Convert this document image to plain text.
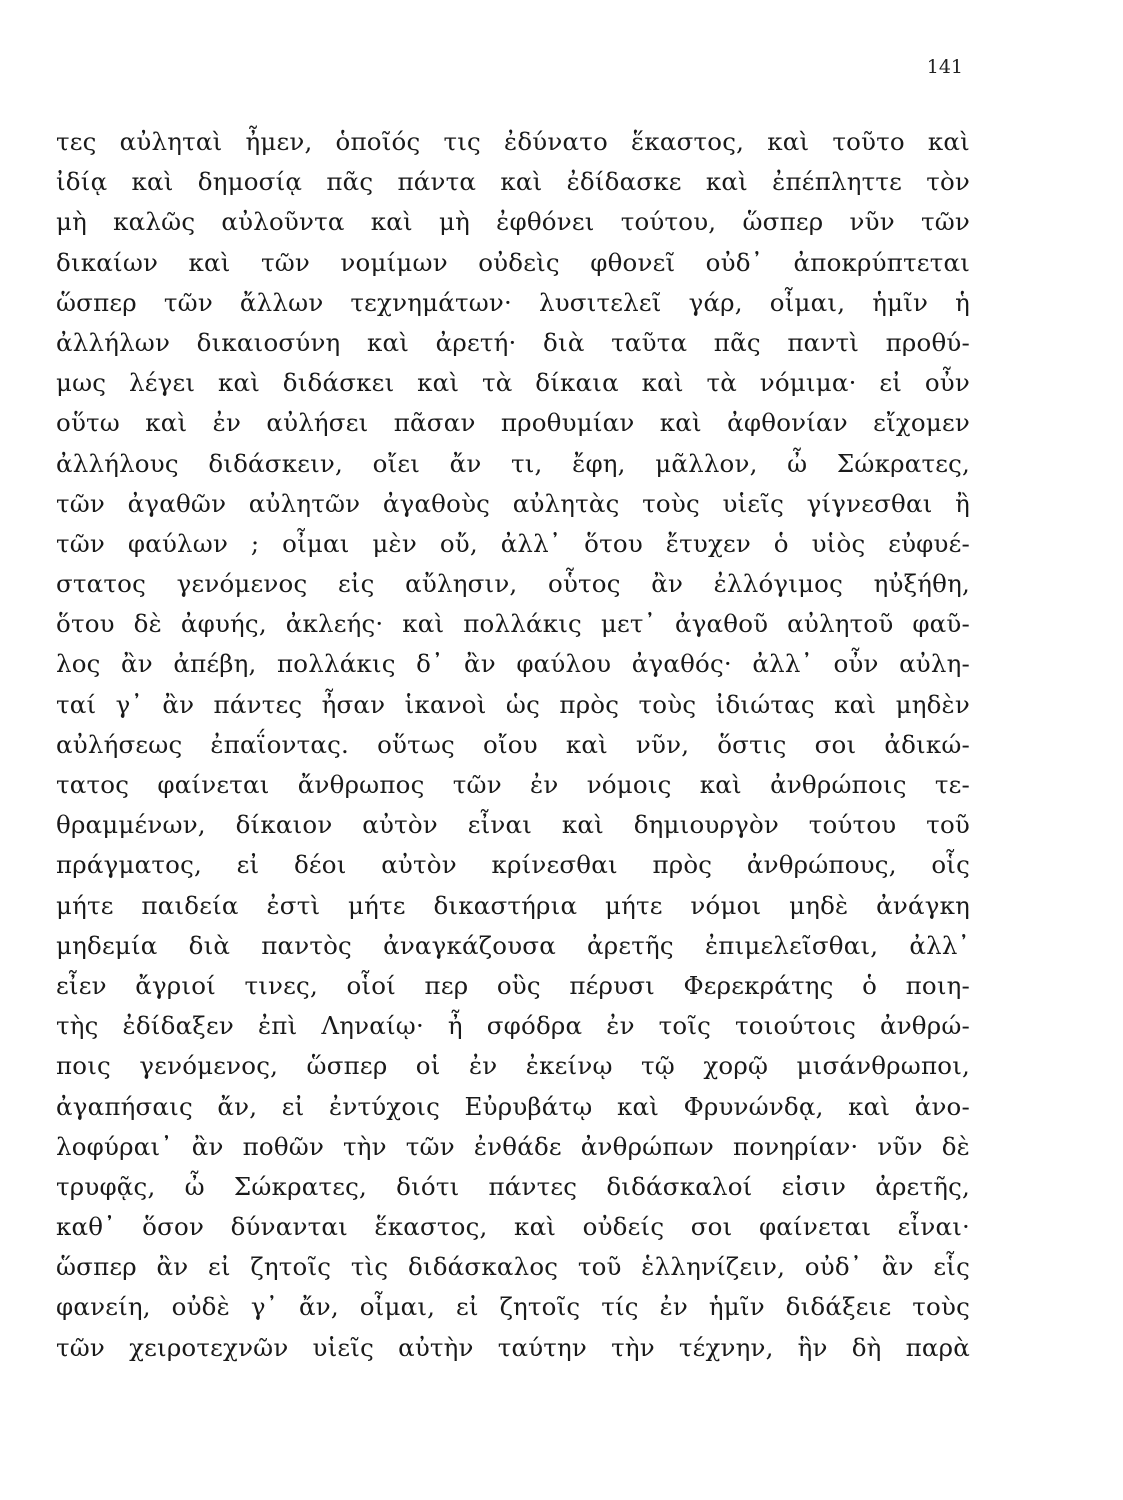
141
τες αὐληταὶ ἦμεν, ὁποῖός τις ἐδύνατο ἕκαστος, καὶ τοῦτο καὶ
ἰδίᾳ καὶ δημοσίᾳ πᾶς πάντα καὶ ἐδίδασκε καὶ ἐπέπληττε τὸν
μὴ καλῶς αὐλοῦντα καὶ μὴ ἐφθόνει τούτου, ὥσπερ νῦν τῶν
δικαίων καὶ τῶν νομίμων οὐδεὶς φθονεῖ οὐδ᾽ ἀποκρύπτεται
ὥσπερ τῶν ἄλλων τεχνημάτων· λυσιτελεῖ γάρ, οἶμαι, ἡμῖν ἡ
ἀλλήλων δικαιοσύνη καὶ ἀρετή· διὰ ταῦτα πᾶς παντὶ προθύ-
μως λέγει καὶ διδάσκει καὶ τὰ δίκαια καὶ τὰ νόμιμα· εἰ οὖν
οὕτω καὶ ἐν αὐλήσει πᾶσαν προθυμίαν καὶ ἀφθονίαν εἴχομεν
ἀλλήλους διδάσκειν, οἴει ἄν τι, ἔφη, μᾶλλον, ὦ Σώκρατες,
τῶν ἀγαθῶν αὐλητῶν ἀγαθοὺς αὐλητὰς τοὺς υἱεῖς γίγνεσθαι ἢ
τῶν φαύλων ; οἶμαι μὲν οὔ, ἀλλ᾽ ὅτου ἔτυχεν ὁ υἱὸς εὐφυέ-
στατος γενόμενος εἰς αὔλησιν, οὗτος ἂν ἐλλόγιμος ηὐξήθη,
ὅτου δὲ ἀφυής, ἀκλεής· καὶ πολλάκις μετ᾽ ἀγαθοῦ αὐλητοῦ φαῦ-
λος ἂν ἀπέβη, πολλάκις δ᾽ ἂν φαύλου ἀγαθός· ἀλλ᾽ οὖν αὐλη-
ταί γ᾽ ἂν πάντες ἦσαν ἱκανοὶ ὡς πρὸς τοὺς ἰδιώτας καὶ μηδὲν
αὐλήσεως ἐπαΐοντας. οὕτως οἴου καὶ νῦν, ὅστις σοι ἀδικώ-
τατος φαίνεται ἄνθρωπος τῶν ἐν νόμοις καὶ ἀνθρώποις τε-
θραμμένων, δίκαιον αὐτὸν εἶναι καὶ δημιουργὸν τούτου τοῦ
πράγματος, εἰ δέοι αὐτὸν κρίνεσθαι πρὸς ἀνθρώπους, οἷς
μήτε παιδεία ἐστὶ μήτε δικαστήρια μήτε νόμοι μηδὲ ἀνάγκη
μηδεμία διὰ παντὸς ἀναγκάζουσα ἀρετῆς ἐπιμελεῖσθαι, ἀλλ᾽
εἶεν ἄγριοί τινες, οἷοί περ οὓς πέρυσι Φερεκράτης ὁ ποιη-
τὴς ἐδίδαξεν ἐπὶ Ληναίῳ· ἦ σφόδρα ἐν τοῖς τοιούτοις ἀνθρώ-
ποις γενόμενος, ὥσπερ οἱ ἐν ἐκείνῳ τῷ χορῷ μισάνθρωποι,
ἀγαπήσαις ἄν, εἰ ἐντύχοις Εὐρυβάτῳ καὶ Φρυνώνδᾳ, καὶ ἀνο-
λοφύραι᾽ ἂν ποθῶν τὴν τῶν ἐνθάδε ἀνθρώπων πονηρίαν· νῦν δὲ
τρυφᾷς, ὦ Σώκρατες, διότι πάντες διδάσκαλοί εἰσιν ἀρετῆς,
καθ᾽ ὅσον δύνανται ἕκαστος, καὶ οὐδείς σοι φαίνεται εἶναι·
ὥσπερ ἂν εἰ ζητοῖς τὶς διδάσκαλος τοῦ ἑλληνίζειν, οὐδ᾽ ἂν εἷς
φανείη, οὐδὲ γ᾽ ἄν, οἶμαι, εἰ ζητοῖς τίς ἐν ἡμῖν διδάξειε τοὺς
τῶν χειροτεχνῶν υἱεῖς αὐτὴν ταύτην τὴν τέχνην, ἣν δὴ παρὰ
